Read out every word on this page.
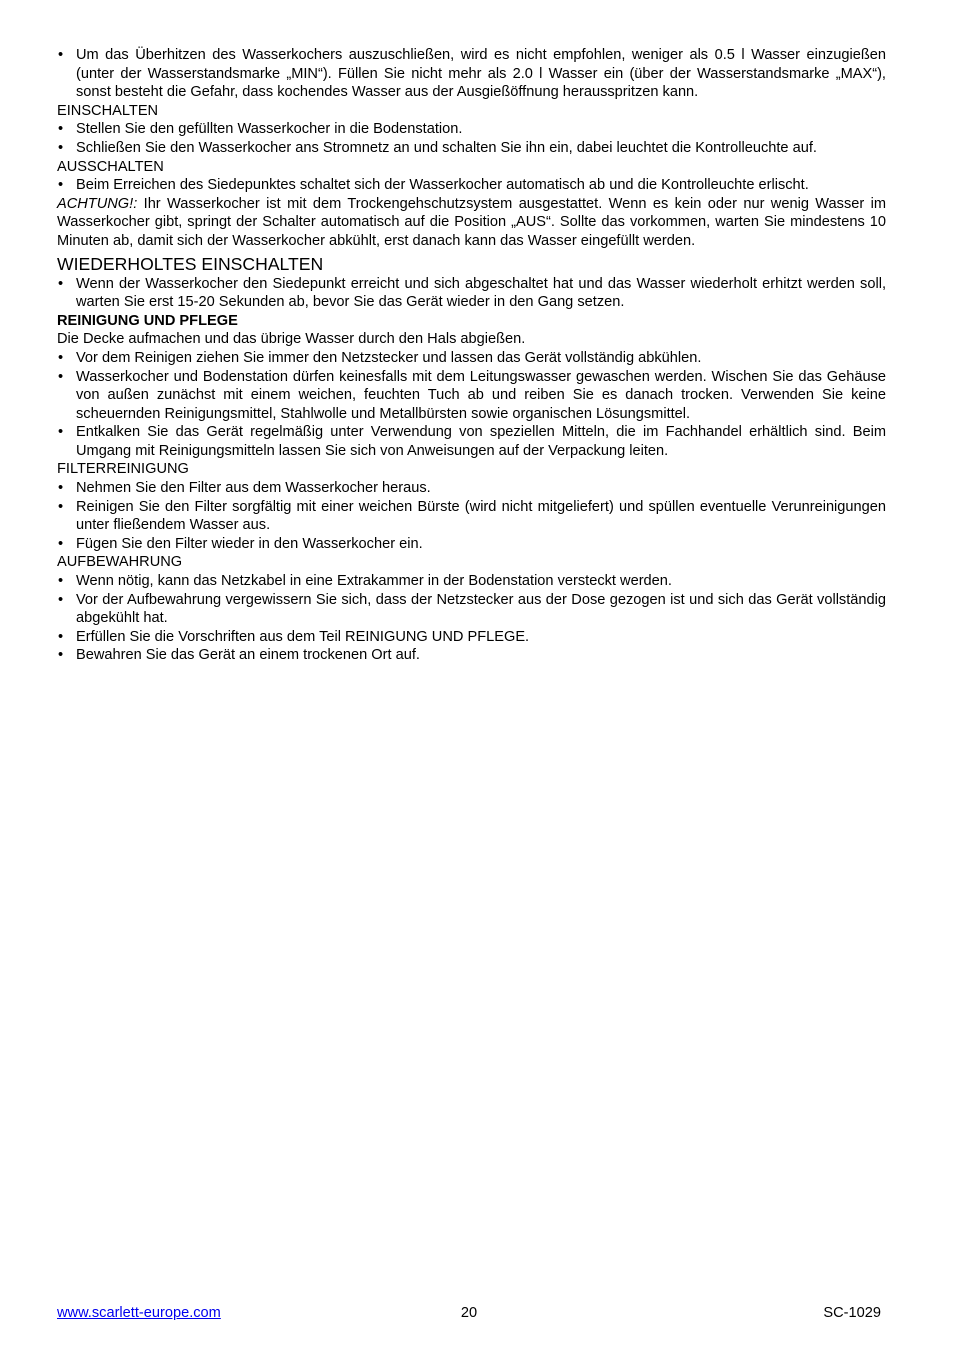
• Um das Überhitzen des Wasserkochers auszuschließen, wird es nicht empfohlen, weniger als 0.5 l Wasser einzugießen (unter der Wasserstandsmarke „MIN“). Füllen Sie nicht mehr als 2.0 l Wasser ein (über der Wasserstandsmarke „MAX“), sonst besteht die Gefahr, dass kochendes Wasser aus der Ausgießöffnung herausspritzen kann.
EINSCHALTEN
• Stellen Sie den gefüllten Wasserkocher in die Bodenstation.
• Schließen Sie den Wasserkocher ans Stromnetz an und schalten Sie ihn ein, dabei leuchtet die Kontrolleuchte auf.
AUSSCHALTEN
• Beim Erreichen des Siedepunktes schaltet sich der Wasserkocher automatisch ab und die Kontrolleuchte erlischt.

ACHTUNG!: Ihr Wasserkocher ist mit dem Trockengehschutzsystem ausgestattet. Wenn es kein oder nur wenig Wasser im Wasserkocher gibt, springt der Schalter automatisch auf die Position „AUS“. Sollte das vorkommen, warten Sie mindestens 10 Minuten ab, damit sich der Wasserkocher abkühlt, erst danach kann das Wasser eingefüllt werden.

WIEDERHOLTES EINSCHALTEN
• Wenn der Wasserkocher den Siedepunkt erreicht und sich abgeschaltet hat und das Wasser wiederholt erhitzt werden soll, warten Sie erst 15-20 Sekunden ab, bevor Sie das Gerät wieder in den Gang setzen.
REINIGUNG UND PFLEGE

Die Decke aufmachen und das übrige Wasser durch den Hals abgießen.

• Vor dem Reinigen ziehen Sie immer den Netzstecker und lassen das Gerät vollständig abkühlen.
• Wasserkocher und Bodenstation dürfen keinesfalls mit dem Leitungswasser gewaschen werden. Wischen Sie das Gehäuse von außen zunächst mit einem weichen, feuchten Tuch ab und reiben Sie es danach trocken. Verwenden Sie keine scheuernden Reinigungsmittel, Stahlwolle und Metallbürsten sowie organischen Lösungsmittel.
• Entkalken Sie das Gerät regelmäßig unter Verwendung von speziellen Mitteln, die im Fachhandel erhältlich sind. Beim Umgang mit Reinigungsmitteln lassen Sie sich von Anweisungen auf der Verpackung leiten.
FILTERREINIGUNG
• Nehmen Sie den Filter aus dem Wasserkocher heraus.
• Reinigen Sie den Filter sorgfältig mit einer weichen Bürste (wird nicht mitgeliefert) und spüllen eventuelle Verunreinigungen unter fließendem Wasser aus.
• Fügen Sie den Filter wieder in den Wasserkocher ein.
AUFBEWAHRUNG
• Wenn nötig, kann das Netzkabel in eine Extrakammer in der Bodenstation versteckt werden.
• Vor der Aufbewahrung vergewissern Sie sich, dass der Netzstecker aus der Dose gezogen ist und sich das Gerät vollständig abgekühlt hat.
• Erfüllen Sie die Vorschriften aus dem Teil REINIGUNG UND PFLEGE.
• Bewahren Sie das Gerät an einem trockenen Ort auf.
www.scarlett-europe.com	20	SC-1029
